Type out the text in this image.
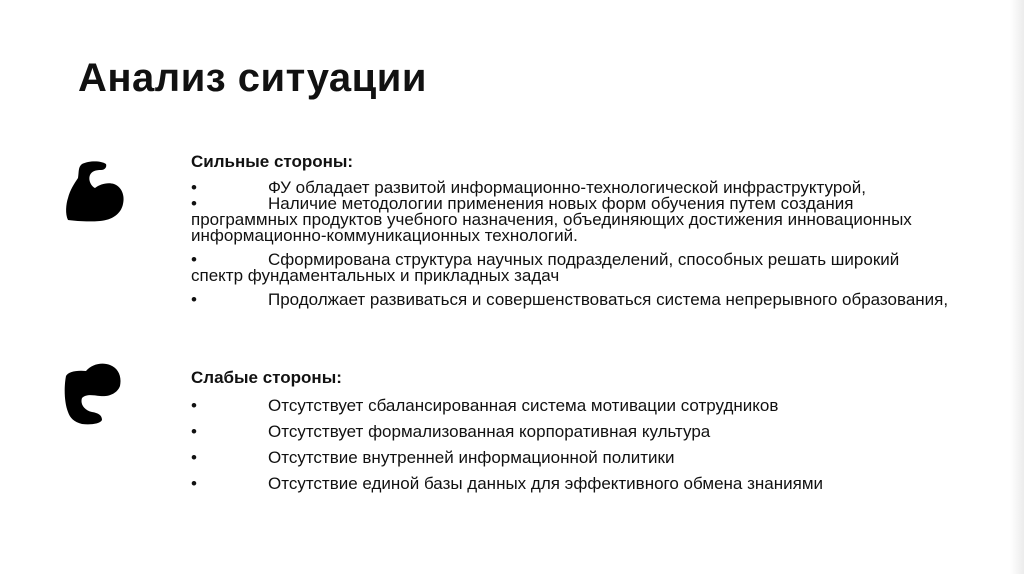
Анализ ситуации

Сильные стороны:

•	ФУ обладает развитой информационно-технологической инфраструктурой,

•	Наличие методологии применения новых форм обучения путем создания программных продуктов учебного назначения, объединяющих достижения инновационных информационно-коммуникационных технологий.

•	Сформирована структура научных подразделений, способных решать широкий спектр фундаментальных и прикладных задач

•	Продолжает развиваться и совершенствоваться система непрерывного образования,

Слабые стороны:

•	Отсутствует сбалансированная система мотивации сотрудников

•	Отсутствует формализованная корпоративная культура

•	Отсутствие внутренней информационной политики

•	Отсутствие единой базы данных для эффективного обмена знаниями
